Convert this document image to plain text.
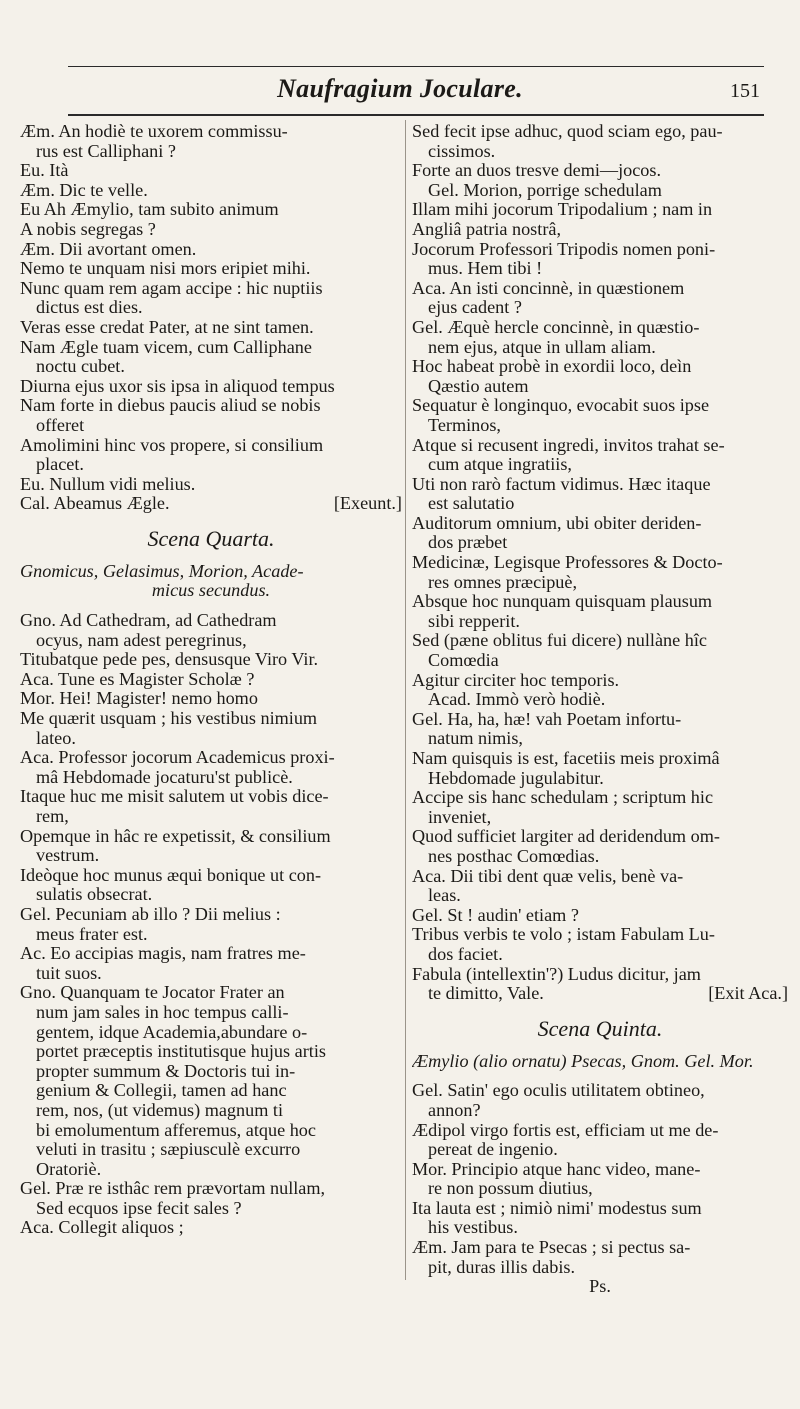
Naufragium Joculare.	151
Æm. An hodiè te uxorem commissu-
rus est Calliphani ?
Eu. Ità
Æm. Dic te velle.
Eu Ah Æmylio, tam subito animum
A nobis segregas ?
Æm. Dii avortant omen.
Nemo te unquam nisi mors eripiet mihi.
Nunc quam rem agam accipe : hic nuptiis
dictus est dies.
Veras esse credat Pater, at ne sint tamen.
Nam Ægle tuam vicem, cum Calliphane
noctu cubet.
Diurna ejus uxor sis ipsa in aliquod tempus
Nam forte in diebus paucis aliud se nobis
offeret
Amolimini hinc vos propere, si consilium
placet.
Eu. Nullum vidi melius.
Cal. Abeamus Ægle.	[Exeunt.]
Scena Quarta.
Gnomicus, Gelasimus, Morion, Acade-
micus secundus.
Gno. Ad Cathedram, ad Cathedram
ocyus, nam adest peregrinus,
Titubatque pede pes, densusque Viro Vir.
Aca. Tune es Magister Scholæ ?
Mor. Hei! Magister! nemo homo
Me quærit usquam ; his vestibus nimium
lateo.
Aca. Professor jocorum Academicus proxi-
mâ Hebdomade jocaturu'st publicè.
Itaque huc me misit salutem ut vobis dice-
rem,
Opemque in hâc re expetissit, & consilium
vestrum.
Ideòque hoc munus æqui bonique ut con-
sulatis obsecrat.
Gel. Pecuniam ab illo ? Dii melius :
meus frater est.
Ac. Eo accipias magis, nam fratres me-
tuit suos.
Gno. Quanquam te Jocator Frater an
num jam sales in hoc tempus calli-
gentem, idque Academia,abundare o-
portet præceptis institutisque hujus artis
propter summum & Doctoris tui in-
genium & Collegii, tamen ad hanc
rem, nos, (ut videmus) magnum ti
bi emolumentum afferemus, atque hoc
veluti in trasitu ; sæpiusculè excurro
Oratoriè.
Gel. Præ re isthâc rem prævortam nullam,
Sed ecquos ipse fecit sales ?
Aca. Collegit aliquos ;
Sed fecit ipse adhuc, quod sciam ego, pau-
cissimos.
Forte an duos tresve demi—jocos.
Gel. Morion, porrige schedulam
Illam mihi jocorum Tripodalium ; nam in
Angliâ patria nostrâ,
Jocorum Professori Tripodis nomen poni-
mus. Hem tibi !
Aca. An isti concinnè, in quæstionem
ejus cadent ?
Gel. Æquè hercle concinnè, in quæstio-
nem ejus, atque in ullam aliam.
Hoc habeat probè in exordii loco, deìn
Qæstio autem
Sequatur è longinquo, evocabit suos ipse
Terminos,
Atque si recusent ingredi, invitos trahat se-
cum atque ingratiis,
Uti non rarò factum vidimus. Hæc itaque
est salutatio
Auditorum omnium, ubi obiter deriden-
dos præbet
Medicinæ, Legisque Professores & Docto-
res omnes præcipuè,
Absque hoc nunquam quisquam plausum
sibi repperit.
Sed (pæne oblitus fui dicere) nullàne hîc
Comœdia
Agitur circiter hoc temporis.
Acad. Immò verò hodiè.
Gel. Ha, ha, hæ! vah Poetam infortu-
natum nimis,
Nam quisquis is est, facetiis meis proximâ
Hebdomade jugulabitur.
Accipe sis hanc schedulam ; scriptum hic
inveniet,
Quod sufficiet largiter ad deridendum om-
nes posthac Comœdias.
Aca. Dii tibi dent quæ velis, benè va-
leas.
Gel. St ! audin' etiam ?
Tribus verbis te volo ; istam Fabulam Lu-
dos faciet.
Fabula (intellextin'?) Ludus dicitur, jam
te dimitto, Vale.	[Exit Aca.]
Scena Quinta.
Æmylio (alio ornatu) Psecas, Gnom. Gel. Mor.
Gel. Satin' ego oculis utilitatem obtineo,
annon?
Ædipol virgo fortis est, efficiam ut me de-
pereat de ingenio.
Mor. Principio atque hanc video, mane-
re non possum diutius,
Ita lauta est ; nimiò nimi' modestus sum
his vestibus.
Æm. Jam para te Psecas ; si pectus sa-
pit, duras illis dabis.
Ps.
